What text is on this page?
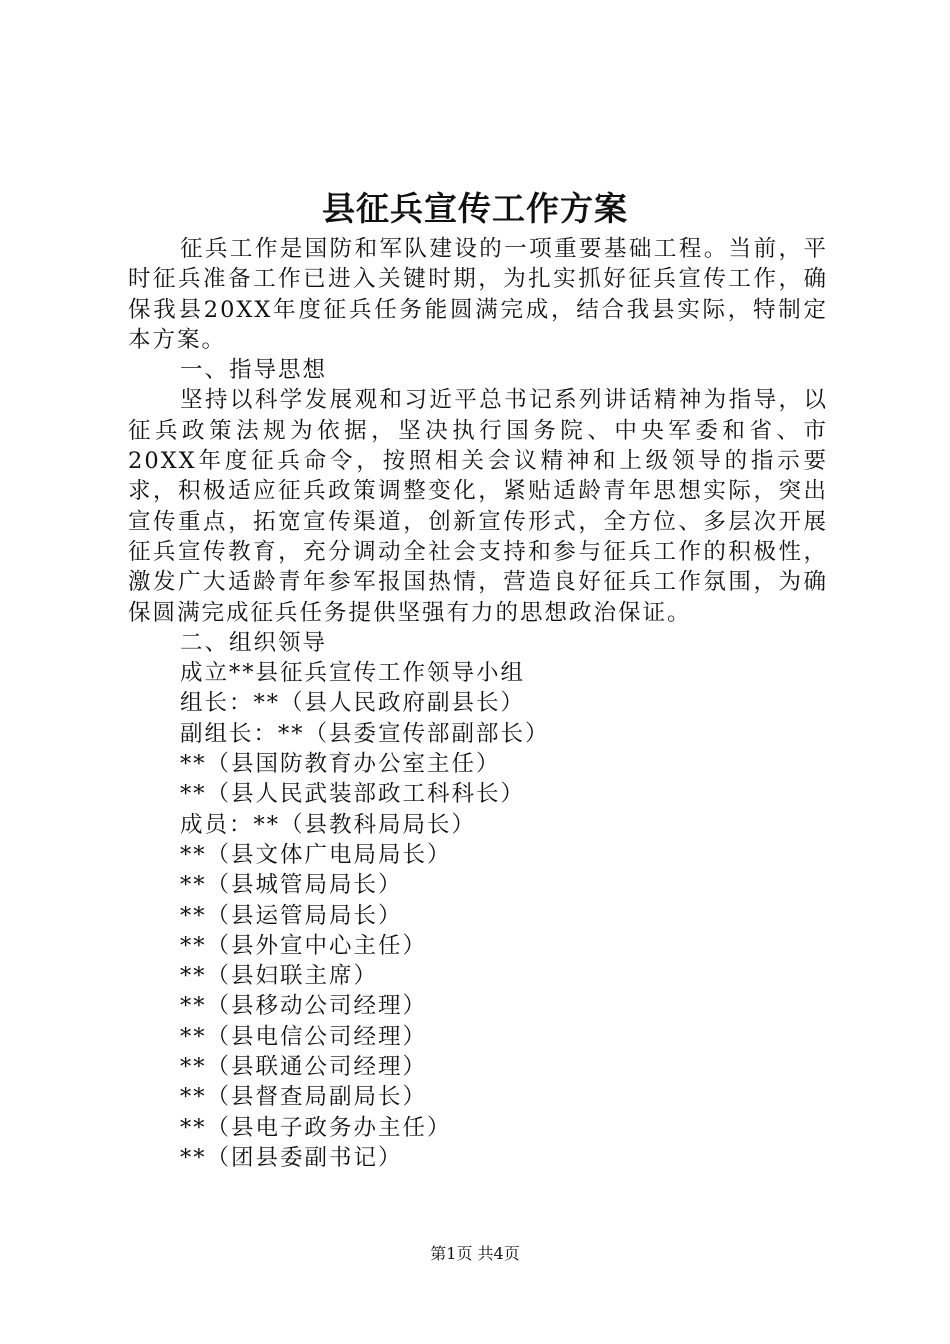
县征兵宣传工作方案

征兵工作是国防和军队建设的一项重要基础工程。当前，平时征兵准备工作已进入关键时期，为扎实抓好征兵宣传工作，确保我县20XX年度征兵任务能圆满完成，结合我县实际，特制定本方案。

一、指导思想

坚持以科学发展观和习近平总书记系列讲话精神为指导，以征兵政策法规为依据，坚决执行国务院、中央军委和省、市20XX年度征兵命令，按照相关会议精神和上级领导的指示要求，积极适应征兵政策调整变化，紧贴适龄青年思想实际，突出宣传重点，拓宽宣传渠道，创新宣传形式，全方位、多层次开展征兵宣传教育，充分调动全社会支持和参与征兵工作的积极性，激发广大适龄青年参军报国热情，营造良好征兵工作氛围，为确保圆满完成征兵任务提供坚强有力的思想政治保证。

二、组织领导

成立**县征兵宣传工作领导小组

组长：**（县人民政府副县长）

副组长：**（县委宣传部副部长）

**（县国防教育办公室主任）

**（县人民武装部政工科科长）

成员：**（县教科局局长）

**（县文体广电局局长）

**（县城管局局长）

**（县运管局局长）

**（县外宣中心主任）

**（县妇联主席）

**（县移动公司经理）

**（县电信公司经理）

**（县联通公司经理）

**（县督查局副局长）

**（县电子政务办主任）

**（团县委副书记）

第1页 共4页
